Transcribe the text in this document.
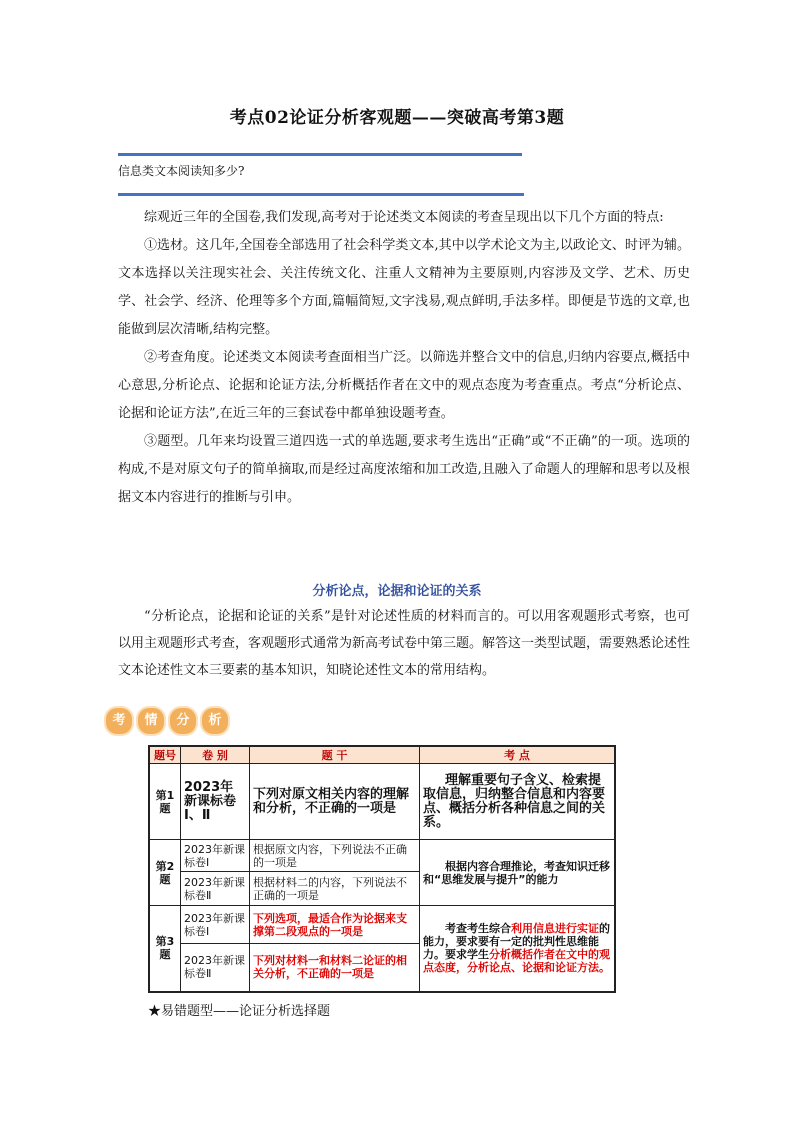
考点02论证分析客观题——突破高考第3题
信息类文本阅读知多少?

综观近三年的全国卷,我们发现,高考对于论述类文本阅读的考查呈现出以下几个方面的特点:

①选材。这几年,全国卷全部选用了社会科学类文本,其中以学术论文为主,以政论文、时评为辅。文本选择以关注现实社会、关注传统文化、注重人文精神为主要原则,内容涉及文学、艺术、历史学、社会学、经济、伦理等多个方面,篇幅简短,文字浅易,观点鲜明,手法多样。即便是节选的文章,也能做到层次清晰,结构完整。

②考查角度。论述类文本阅读考查面相当广泛。以筛选并整合文中的信息,归纳内容要点,概括中心意思,分析论点、论据和论证方法,分析概括作者在文中的观点态度为考查重点。考点“分析论点、论据和论证方法”,在近三年的三套试卷中都单独设题考查。

③题型。几年来均设置三道四选一式的单选题,要求考生选出“正确”或“不正确”的一项。选项的构成,不是对原文句子的简单摘取,而是经过高度浓缩和加工改造,且融入了命题人的理解和思考以及根据文本内容进行的推断与引申。

分析论点，论据和论证的关系

“分析论点，论据和论证的关系”是针对论述性质的材料而言的。可以用客观题形式考察，也可以用主观题形式考查，客观题形式通常为新高考试卷中第三题。解答这一类型试题，需要熟悉论述性文本论述性文本三要素的基本知识，知晓论述性文本的常用结构。

考	情	分	析
题号	卷 别	题 干	考 点
第1题	2023年新课标卷Ⅰ、Ⅱ	下列对原文相关内容的理解和分析，不正确的一项是	理解重要句子含义、检索提取信息，归纳整合信息和内容要点、概括分析各种信息之间的关系。
第2题	2023年新课标卷Ⅰ	根据原文内容，下列说法不正确的一项是	根据内容合理推论，考查知识迁移和“思维发展与提升”的能力
	2023年新课标卷Ⅱ	根据材料二的内容，下列说法不正确的一项是	
第3题	2023年新课标卷Ⅰ	下列选项，最适合作为论据来支撑第二段观点的一项是	考查考生综合利用信息进行实证的能力，要求要有一定的批判性思维能力。要求学生分析概括作者在文中的观点态度，分析论点、论据和论证方法。
	2023年新课标卷Ⅱ	下列对材料一和材料二论证的相关分析，不正确的一项是	
★易错题型——论证分析选择题
